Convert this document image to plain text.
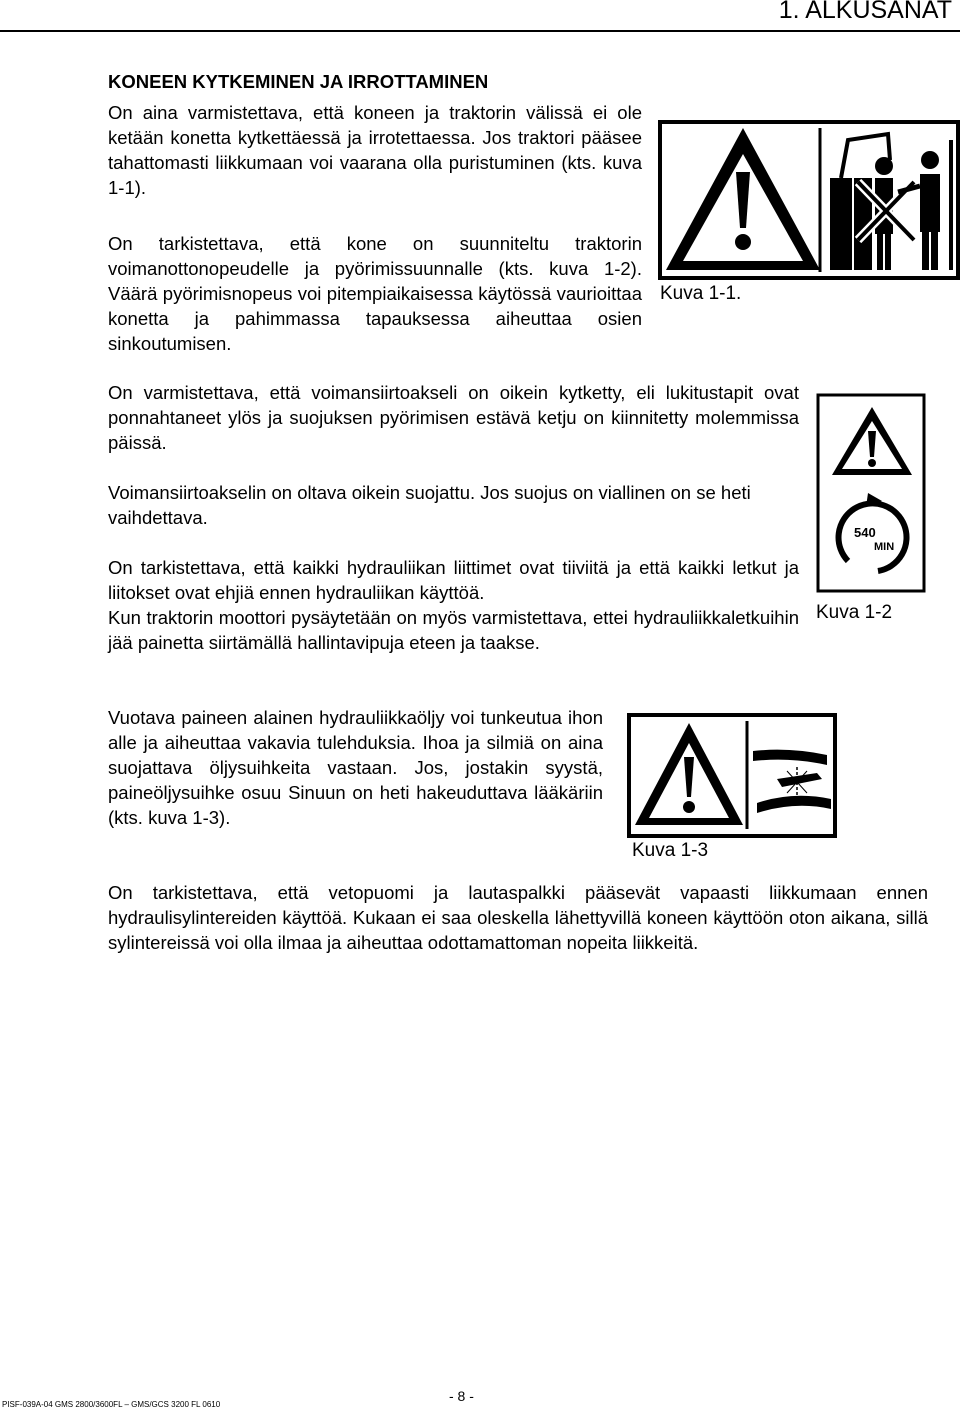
1. ALKUSANAT
KONEEN KYTKEMINEN JA IRROTTAMINEN

On aina varmistettava, että koneen ja traktorin välissä ei ole ketään konetta kytkettäessä ja irrotettaessa. Jos traktori pääsee tahattomasti liikkumaan voi vaarana olla puristuminen (kts. kuva 1-1).

On tarkistettava, että kone on suunniteltu traktorin voimanottonopeudelle ja pyörimissuunnalle (kts. kuva 1-2). Väärä pyörimisnopeus voi pitempiaikaisessa käytössä vaurioittaa konetta ja pahimmassa tapauksessa aiheuttaa osien sinkoutumisen.

On varmistettava, että voimansiirtoakseli on oikein kytketty, eli lukitustapit ovat ponnahtaneet ylös ja suojuksen pyörimisen estävä ketju on kiinnitetty molemmissa päissä.

Voimansiirtoakselin on oltava oikein suojattu. Jos suojus on viallinen on se heti vaihdettava.

On tarkistettava, että kaikki hydrauliikan liittimet ovat tiiviitä ja että kaikki letkut ja liitokset ovat ehjiä ennen hydrauliikan käyttöä.

Kun traktorin moottori pysäytetään on myös varmistettava, ettei hydrauliikkaletkuihin jää painetta siirtämällä hallintavipuja eteen ja taakse.

Vuotava paineen alainen hydrauliikkaöljy voi tunkeutua ihon alle ja aiheuttaa vakavia tulehduksia. Ihoa ja silmiä on aina suojattava öljysuihkeita vastaan. Jos, jostakin syystä, paineöljysuihke osuu Sinuun on heti hakeuduttava lääkäriin (kts. kuva 1-3).

On tarkistettava, että vetopuomi ja lautaspalkki pääsevät vapaasti liikkumaan ennen hydraulisylintereiden käyttöä. Kukaan ei saa oleskella lähettyvillä koneen käyttöön oton aikana, sillä sylintereissä voi olla ilmaa ja aiheuttaa odottamattoman nopeita liikkeitä.

Kuva 1-1.
540
MIN
Kuva 1-2
Kuva 1-3
- 8 -
PISF-039A-04 GMS 2800/3600FL – GMS/GCS 3200 FL 0610
